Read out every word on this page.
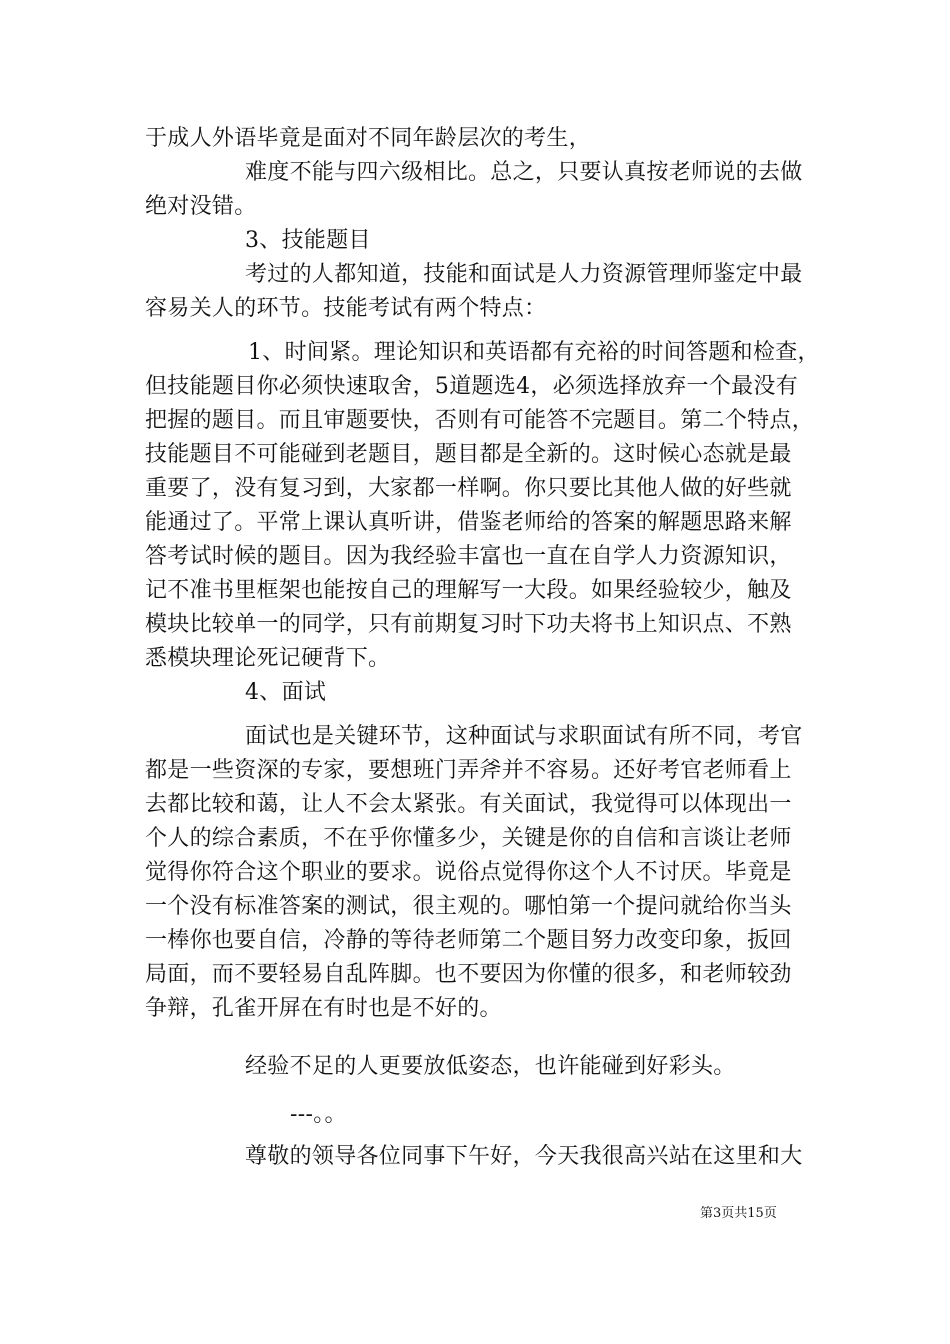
于成人外语毕竟是面对不同年龄层次的考生，
难度不能与四六级相比。总之，只要认真按老师说的去做
绝对没错。
3、技能题目
考过的人都知道，技能和面试是人力资源管理师鉴定中最
容易关人的环节。技能考试有两个特点：
1、时间紧。理论知识和英语都有充裕的时间答题和检查，
但技能题目你必须快速取舍，5道题选4，必须选择放弃一个最没有
把握的题目。而且审题要快，否则有可能答不完题目。第二个特点，
技能题目不可能碰到老题目，题目都是全新的。这时候心态就是最
重要了，没有复习到，大家都一样啊。你只要比其他人做的好些就
能通过了。平常上课认真听讲，借鉴老师给的答案的解题思路来解
答考试时候的题目。因为我经验丰富也一直在自学人力资源知识，
记不准书里框架也能按自己的理解写一大段。如果经验较少，触及
模块比较单一的同学，只有前期复习时下功夫将书上知识点、不熟
悉模块理论死记硬背下。
4、面试
面试也是关键环节，这种面试与求职面试有所不同，考官
都是一些资深的专家，要想班门弄斧并不容易。还好考官老师看上
去都比较和蔼，让人不会太紧张。有关面试，我觉得可以体现出一
个人的综合素质，不在乎你懂多少，关键是你的自信和言谈让老师
觉得你符合这个职业的要求。说俗点觉得你这个人不讨厌。毕竟是
一个没有标准答案的测试，很主观的。哪怕第一个提问就给你当头
一棒你也要自信，冷静的等待老师第二个题目努力改变印象，扳回
局面，而不要轻易自乱阵脚。也不要因为你懂的很多，和老师较劲
争辩，孔雀开屏在有时也是不好的。
经验不足的人更要放低姿态，也许能碰到好彩头。
---。。
尊敬的领导各位同事下午好，今天我很高兴站在这里和大
第3页共15页
